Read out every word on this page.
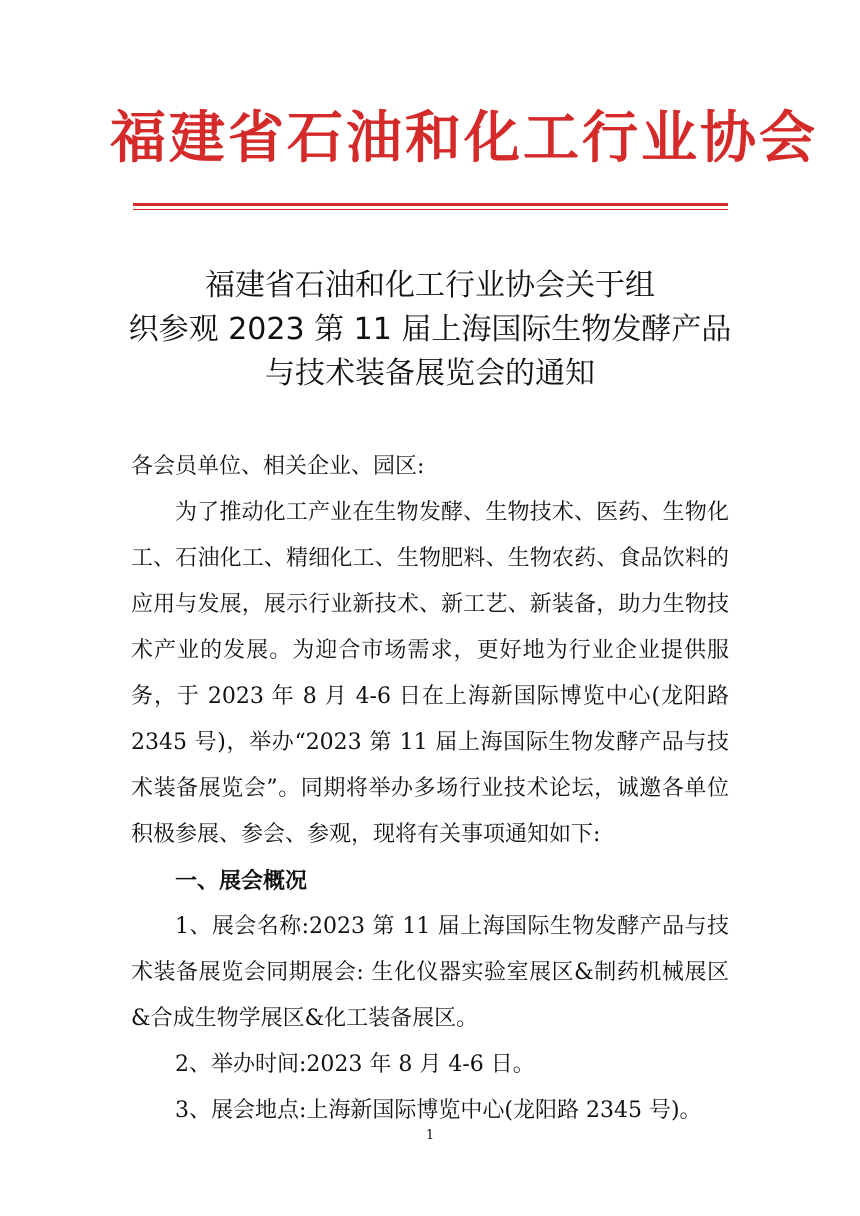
福建省石油和化工行业协会
福建省石油和化工行业协会关于组
织参观 2023 第 11 届上海国际生物发酵产品
与技术装备展览会的通知

各会员单位、相关企业、园区:

为了推动化工产业在生物发酵、生物技术、医药、生物化工、石油化工、精细化工、生物肥料、生物农药、食品饮料的应用与发展，展示行业新技术、新工艺、新装备，助力生物技术产业的发展。为迎合市场需求，更好地为行业企业提供服务，于 2023 年 8 月 4-6 日在上海新国际博览中心(龙阳路 2345 号)，举办“2023 第 11 届上海国际生物发酵产品与技术装备展览会”。同期将举办多场行业技术论坛，诚邀各单位积极参展、参会、参观，现将有关事项通知如下:

一、展会概况

1、展会名称:2023 第 11 届上海国际生物发酵产品与技术装备展览会同期展会: 生化仪器实验室展区&制药机械展区&合成生物学展区&化工装备展区。

2、举办时间:2023 年 8 月 4-6 日。

3、展会地点:上海新国际博览中心(龙阳路 2345 号)。

1
